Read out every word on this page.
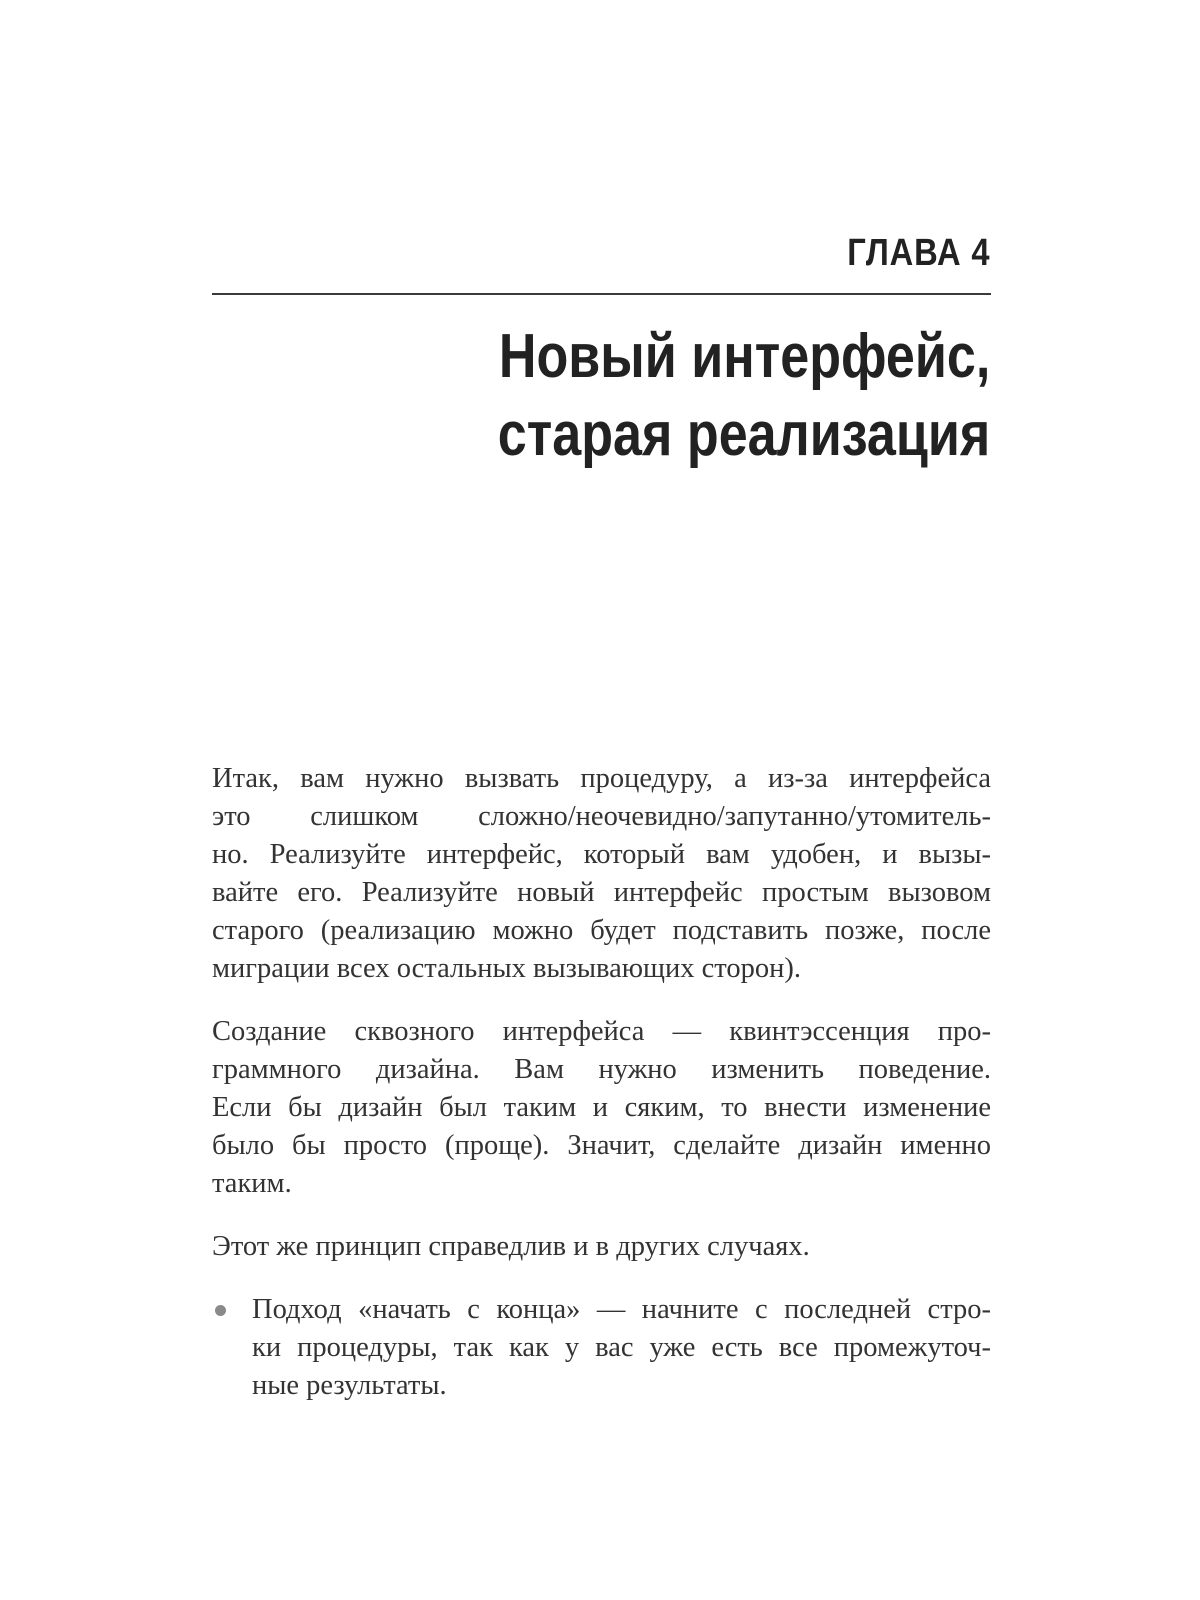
ГЛАВА 4
Новый интерфейс,
старая реализация
Итак, вам нужно вызвать процедуру, а из-за интерфейса
это слишком сложно/неочевидно/запутанно/утомитель-
но. Реализуйте интерфейс, который вам удобен, и вызы-
вайте его. Реализуйте новый интерфейс простым вызовом
старого (реализацию можно будет подставить позже, после
миграции всех остальных вызывающих сторон).
Создание сквозного интерфейса — квинтэссенция про-
граммного дизайна. Вам нужно изменить поведение.
Если бы дизайн был таким и сяким, то внести изменение
было бы просто (проще). Значит, сделайте дизайн именно
таким.
Этот же принцип справедлив и в других случаях.
Подход «начать с конца» — начните с последней стро-
ки процедуры, так как у вас уже есть все промежуточ-
ные результаты.
